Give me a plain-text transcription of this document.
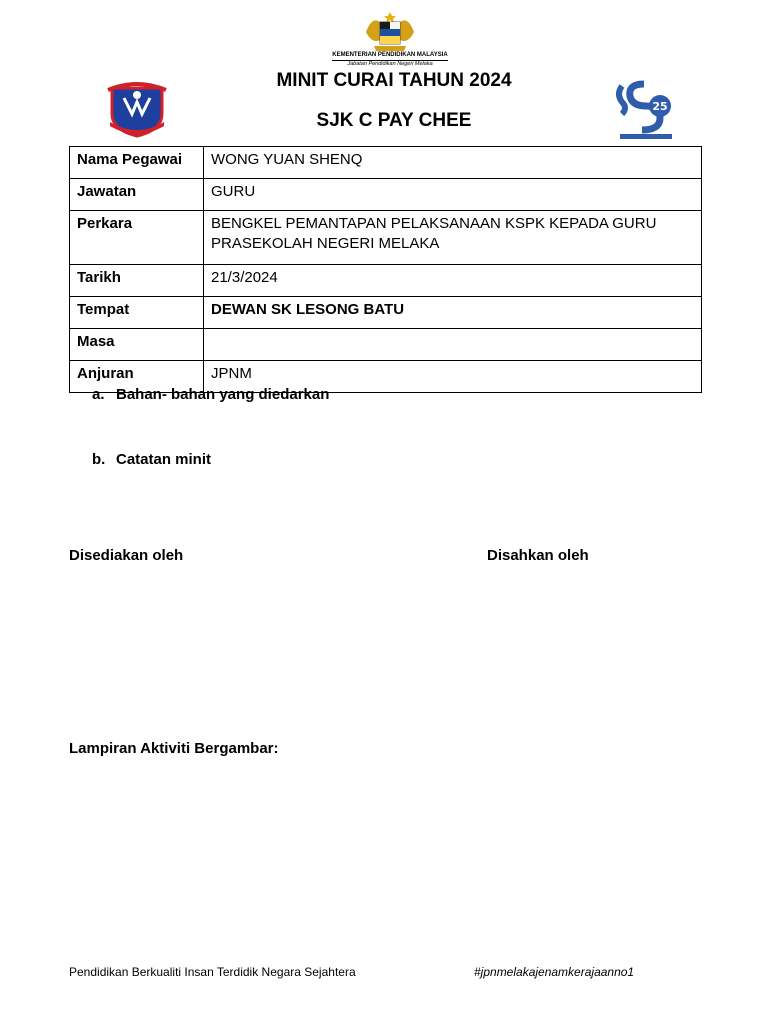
KEMENTERIAN PENDIDIKAN MALAYSIA
Jabatan Pendidikan Negeri Melaka
25
MINIT CURAI TAHUN 2024
SJK C PAY CHEE
Nama Pegawai	WONG YUAN SHENQ
Jawatan	GURU
Perkara	BENGKEL PEMANTAPAN PELAKSANAAN KSPK KEPADA GURU PRASEKOLAH NEGERI MELAKA
Tarikh	21/3/2024
Tempat	DEWAN SK LESONG BATU
Masa	
Anjuran	JPNM
a. Bahan- bahan yang diedarkan
b. Catatan minit
Disediakan oleh	Disahkan oleh
Lampiran Aktiviti Bergambar:
Pendidikan Berkualiti Insan Terdidik Negara Sejahtera	#jpnmelakajenamkerajaanno1
